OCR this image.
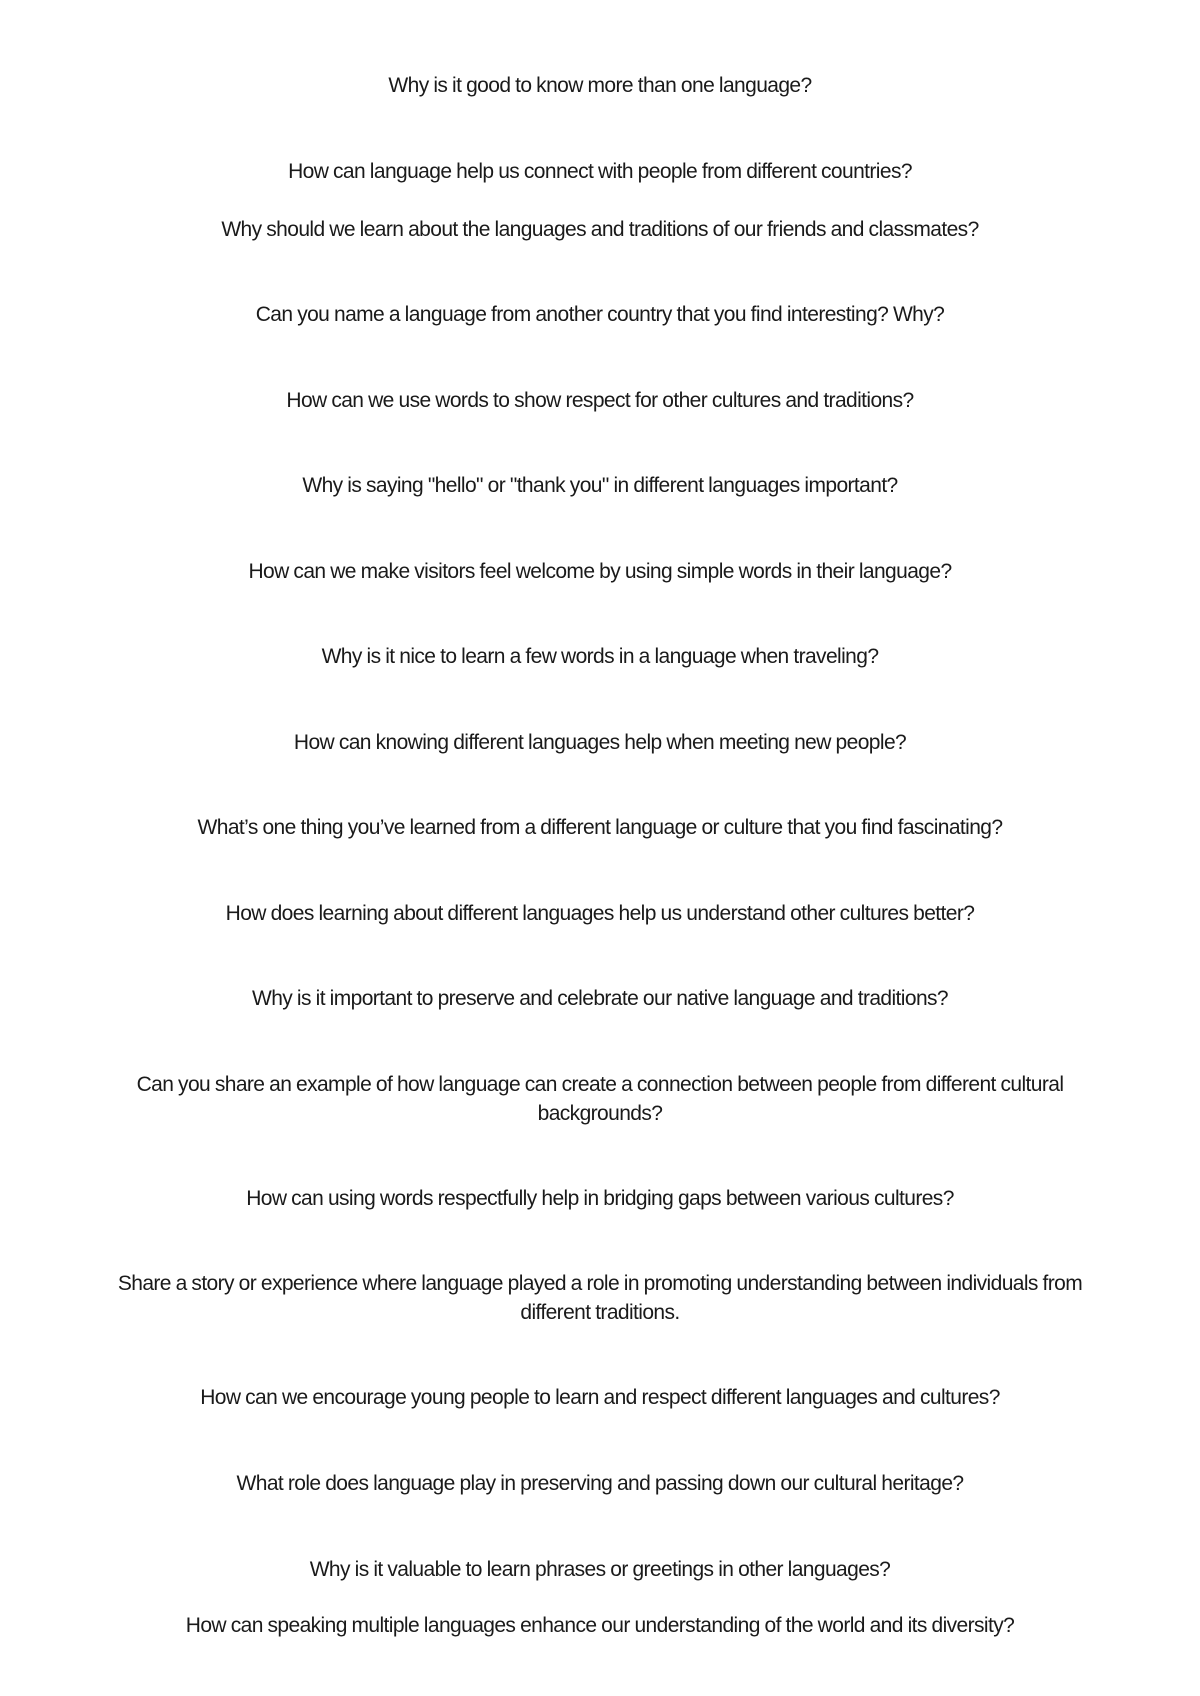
Why is it good to know more than one language?

How can language help us connect with people from different countries?

Why should we learn about the languages and traditions of our friends and classmates?

Can you name a language from another country that you find interesting? Why?

How can we use words to show respect for other cultures and traditions?

Why is saying "hello" or "thank you" in different languages important?

How can we make visitors feel welcome by using simple words in their language?

Why is it nice to learn a few words in a language when traveling?

How can knowing different languages help when meeting new people?

What’s one thing you’ve learned from a different language or culture that you find fascinating?

How does learning about different languages help us understand other cultures better?

Why is it important to preserve and celebrate our native language and traditions?

Can you share an example of how language can create a connection between people from different cultural backgrounds?

How can using words respectfully help in bridging gaps between various cultures?

Share a story or experience where language played a role in promoting understanding between individuals from different traditions.

How can we encourage young people to learn and respect different languages and cultures?

What role does language play in preserving and passing down our cultural heritage?

Why is it valuable to learn phrases or greetings in other languages?

How can speaking multiple languages enhance our understanding of the world and its diversity?
